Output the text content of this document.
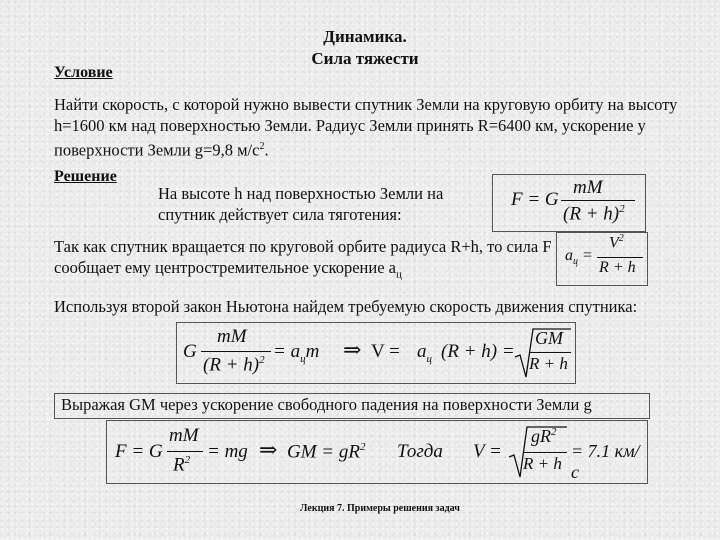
Динамика.
Сила тяжести
Условие
Найти скорость, с которой нужно вывести спутник Земли на круговую орбиту на высоту h=1600 км над поверхностью Земли. Радиус Земли принять R=6400 км, ускорение у поверхности Земли g=9,8 $м/с^2$.
Решение
На высоте h над поверхностью Земли на спутник действует сила тяготения:
F = G
mM
$(R + h)^2$
Так как спутник вращается по круговой орбите радиуса R+h, то сила F сообщает ему центростремительное ускорение $a_ц$
$a_ц$ =
$V^2$
R + h
Используя второй закон Ньютона найдем требуемую скорость движения спутника:
G
mM
$(R + h)^2 = a_цm$ ⇒ $V = a_ц$ (R + h) =
GM
R + h
Выражая GM через ускорение свободного падения на поверхности Земли g
F = G
mM
$R^2$ = mg ⇒ GM = $gR^2$ Тогда V =
$gR^2$
R + h
= 7.1 км/с
Лекция 7. Примеры решения задач
